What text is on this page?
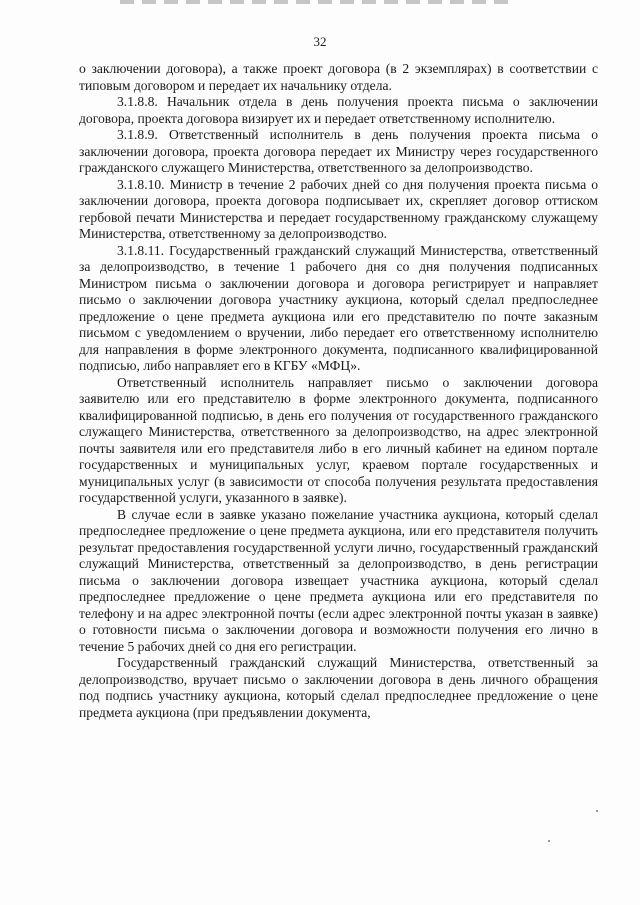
32

о заключении договора), а также проект договора (в 2 экземплярах) в соответствии с типовым договором и передает их начальнику отдела.

3.1.8.8. Начальник отдела в день получения проекта письма о заключении договора, проекта договора визирует их и передает ответственному исполнителю.

3.1.8.9. Ответственный исполнитель в день получения проекта письма о заключении договора, проекта договора передает их Министру через государственного гражданского служащего Министерства, ответственного за делопроизводство.

3.1.8.10. Министр в течение 2 рабочих дней со дня получения проекта письма о заключении договора, проекта договора подписывает их, скрепляет договор оттиском гербовой печати Министерства и передает государственному гражданскому служащему Министерства, ответственному за делопроизводство.

3.1.8.11. Государственный гражданский служащий Министерства, ответственный за делопроизводство, в течение 1 рабочего дня со дня получения подписанных Министром письма о заключении договора и договора регистрирует и направляет письмо о заключении договора участнику аукциона, который сделал предпоследнее предложение о цене предмета аукциона или его представителю по почте заказным письмом с уведомлением о вручении, либо передает его ответственному исполнителю для направления в форме электронного документа, подписанного квалифицированной подписью, либо направляет его в КГБУ «МФЦ».

Ответственный исполнитель направляет письмо о заключении договора заявителю или его представителю в форме электронного документа, подписанного квалифицированной подписью, в день его получения от государственного гражданского служащего Министерства, ответственного за делопроизводство, на адрес электронной почты заявителя или его представителя либо в его личный кабинет на едином портале государственных и муниципальных услуг, краевом портале государственных и муниципальных услуг (в зависимости от способа получения результата предоставления государственной услуги, указанного в заявке).

В случае если в заявке указано пожелание участника аукциона, который сделал предпоследнее предложение о цене предмета аукциона, или его представителя получить результат предоставления государственной услуги лично, государственный гражданский служащий Министерства, ответственный за делопроизводство, в день регистрации письма о заключении договора извещает участника аукциона, который сделал предпоследнее предложение о цене предмета аукциона или его представителя по телефону и на адрес электронной почты (если адрес электронной почты указан в заявке) о готовности письма о заключении договора и возможности получения его лично в течение 5 рабочих дней со дня его регистрации.

Государственный гражданский служащий Министерства, ответственный за делопроизводство, вручает письмо о заключении договора в день личного обращения под подпись участнику аукциона, который сделал предпоследнее предложение о цене предмета аукциона (при предъявлении документа,
